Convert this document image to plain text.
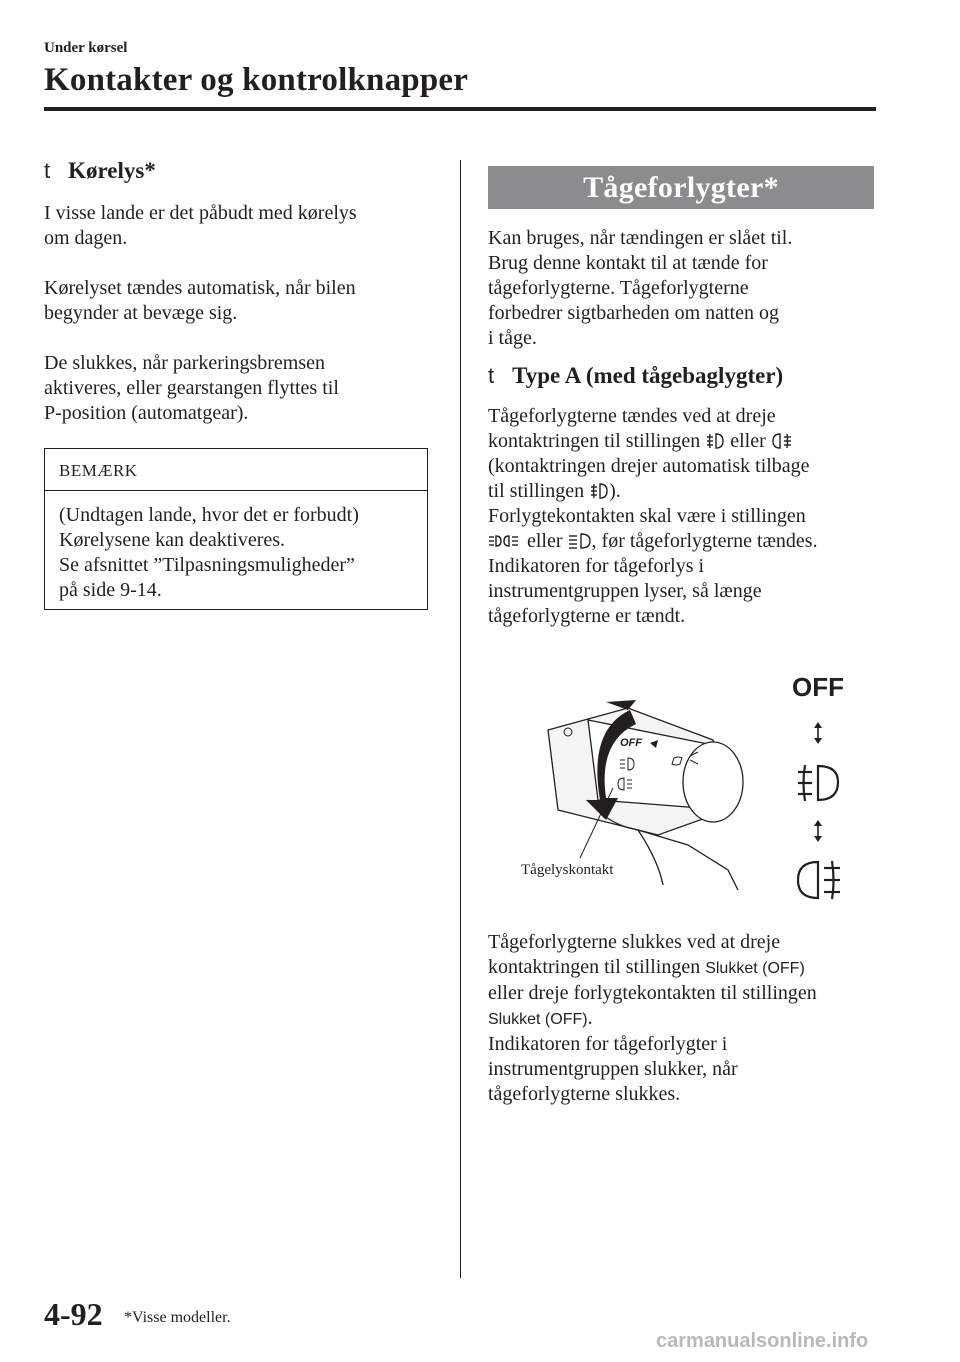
Under kørsel
Kontakter og kontrolknapper
t Kørelys*
I visse lande er det påbudt med kørelys
om dagen.
Kørelyset tændes automatisk, når bilen
begynder at bevæge sig.
De slukkes, når parkeringsbremsen
aktiveres, eller gearstangen flyttes til
P-position (automatgear).
BEMÆRK
(Undtagen lande, hvor det er forbudt)
Kørelysene kan deaktiveres.
Se afsnittet ”Tilpasningsmuligheder”
på side 9-14.
Tågeforlygter*
Kan bruges, når tændingen er slået til.
Brug denne kontakt til at tænde for
tågeforlygterne. Tågeforlygterne
forbedrer sigtbarheden om natten og
i tåge.
t Type A (med tågebaglygter)
Tågeforlygterne tændes ved at dreje
kontaktringen til stillingen eller
(kontaktringen drejer automatisk tilbage
til stillingen ).
Forlygtekontakten skal være i stillingen
eller , før tågeforlygterne tændes.
Indikatoren for tågeforlys i
instrumentgruppen lyser, så længe
tågeforlygterne er tændt.
OFF
Tågelyskontakt
OFF
Tågeforlygterne slukkes ved at dreje
kontaktringen til stillingen Slukket (OFF)
eller dreje forlygtekontakten til stillingen
Slukket (OFF).
Indikatoren for tågeforlygter i
instrumentgruppen slukker, når
tågeforlygterne slukkes.
4-92 *Visse modeller.
carmanualsonline.info
